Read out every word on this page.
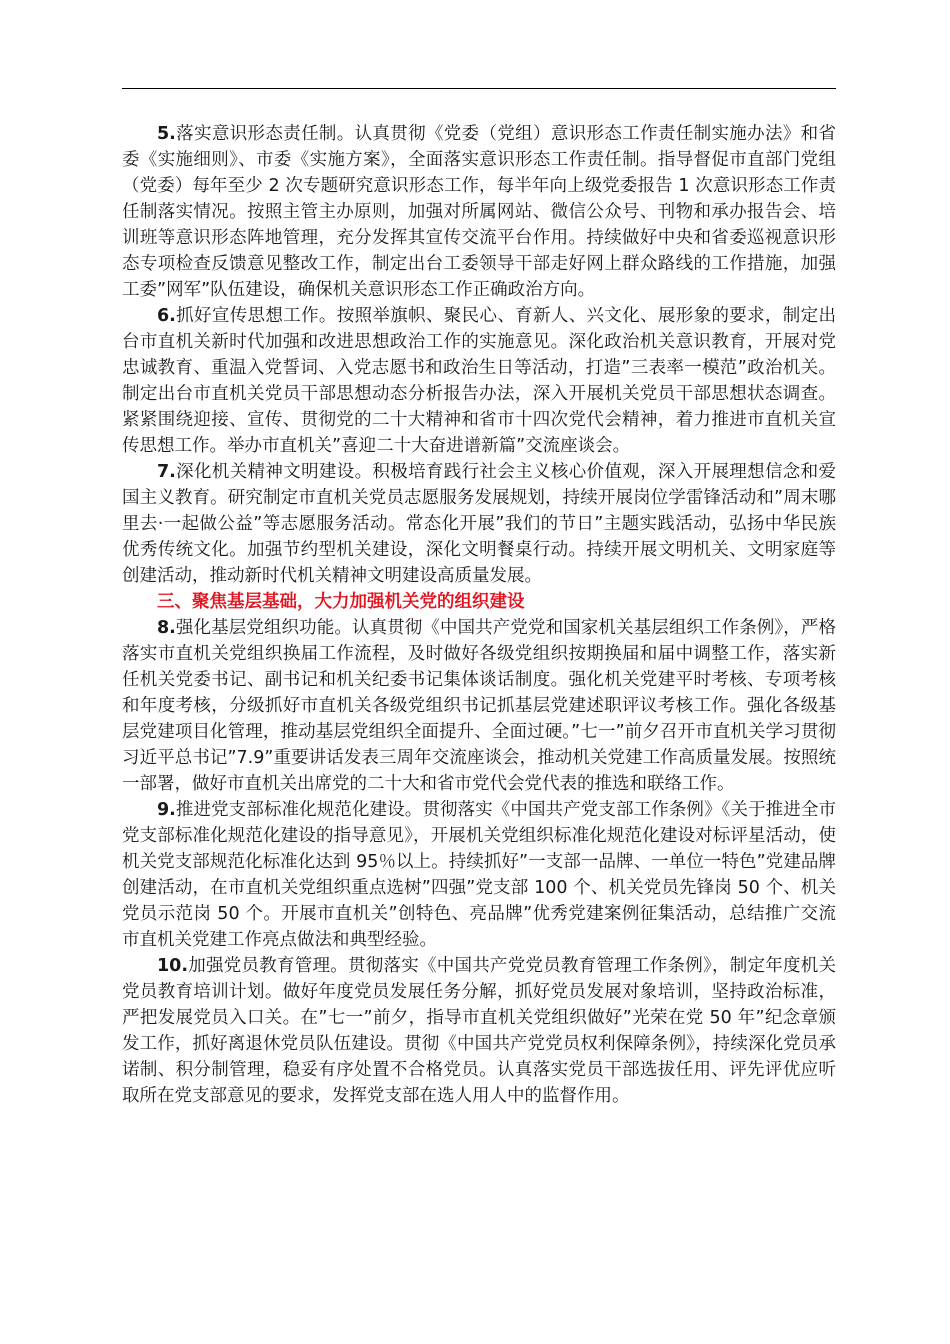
5.落实意识形态责任制。认真贯彻《党委（党组）意识形态工作责任制实施办法》和省委《实施细则》、市委《实施方案》，全面落实意识形态工作责任制。指导督促市直部门党组（党委）每年至少 2 次专题研究意识形态工作，每半年向上级党委报告 1 次意识形态工作责任制落实情况。按照主管主办原则，加强对所属网站、微信公众号、刊物和承办报告会、培训班等意识形态阵地管理，充分发挥其宣传交流平台作用。持续做好中央和省委巡视意识形态专项检查反馈意见整改工作，制定出台工委领导干部走好网上群众路线的工作措施，加强工委”网军”队伍建设，确保机关意识形态工作正确政治方向。

6.抓好宣传思想工作。按照举旗帜、聚民心、育新人、兴文化、展形象的要求，制定出台市直机关新时代加强和改进思想政治工作的实施意见。深化政治机关意识教育，开展对党忠诚教育、重温入党誓词、入党志愿书和政治生日等活动，打造”三表率一模范”政治机关。制定出台市直机关党员干部思想动态分析报告办法，深入开展机关党员干部思想状态调查。紧紧围绕迎接、宣传、贯彻党的二十大精神和省市十四次党代会精神，着力推进市直机关宣传思想工作。举办市直机关”喜迎二十大奋进谱新篇”交流座谈会。

7.深化机关精神文明建设。积极培育践行社会主义核心价值观，深入开展理想信念和爱国主义教育。研究制定市直机关党员志愿服务发展规划，持续开展岗位学雷锋活动和”周末哪里去·一起做公益”等志愿服务活动。常态化开展”我们的节日”主题实践活动，弘扬中华民族优秀传统文化。加强节约型机关建设，深化文明餐桌行动。持续开展文明机关、文明家庭等创建活动，推动新时代机关精神文明建设高质量发展。

三、聚焦基层基础，大力加强机关党的组织建设

8.强化基层党组织功能。认真贯彻《中国共产党党和国家机关基层组织工作条例》，严格落实市直机关党组织换届工作流程，及时做好各级党组织按期换届和届中调整工作，落实新任机关党委书记、副书记和机关纪委书记集体谈话制度。强化机关党建平时考核、专项考核和年度考核，分级抓好市直机关各级党组织书记抓基层党建述职评议考核工作。强化各级基层党建项目化管理，推动基层党组织全面提升、全面过硬。”七一”前夕召开市直机关学习贯彻习近平总书记”7.9”重要讲话发表三周年交流座谈会，推动机关党建工作高质量发展。按照统一部署，做好市直机关出席党的二十大和省市党代会党代表的推选和联络工作。

9.推进党支部标准化规范化建设。贯彻落实《中国共产党支部工作条例》《关于推进全市党支部标准化规范化建设的指导意见》，开展机关党组织标准化规范化建设对标评星活动，使机关党支部规范化标准化达到 95％以上。持续抓好”一支部一品牌、一单位一特色”党建品牌创建活动，在市直机关党组织重点选树”四强”党支部 100 个、机关党员先锋岗 50 个、机关党员示范岗 50 个。开展市直机关”创特色、亮品牌”优秀党建案例征集活动，总结推广交流市直机关党建工作亮点做法和典型经验。

10.加强党员教育管理。贯彻落实《中国共产党党员教育管理工作条例》，制定年度机关党员教育培训计划。做好年度党员发展任务分解，抓好党员发展对象培训，坚持政治标准，严把发展党员入口关。在”七一”前夕，指导市直机关党组织做好”光荣在党 50 年”纪念章颁发工作，抓好离退休党员队伍建设。贯彻《中国共产党党员权利保障条例》，持续深化党员承诺制、积分制管理，稳妥有序处置不合格党员。认真落实党员干部选拔任用、评先评优应听取所在党支部意见的要求，发挥党支部在选人用人中的监督作用。
